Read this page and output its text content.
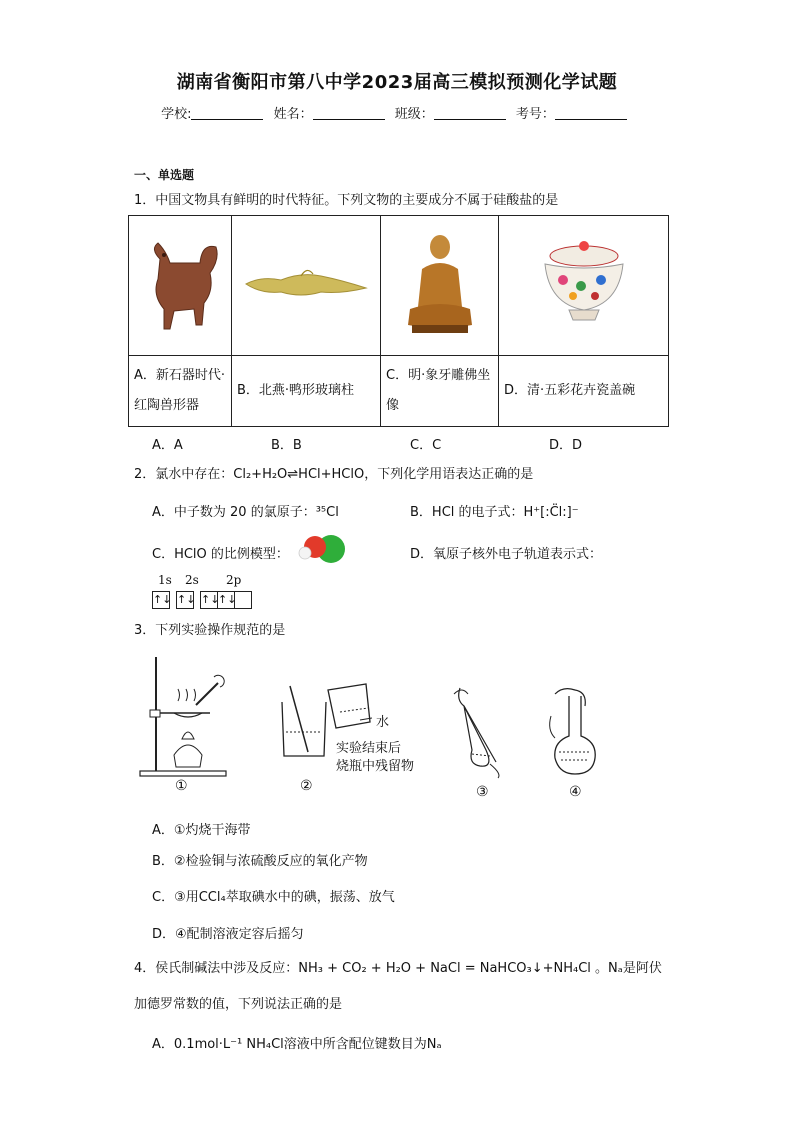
湖南省衡阳市第八中学2023届高三模拟预测化学试题
学校:	姓名：	班级：	考号：
一、单选题
1．中国文物具有鲜明的时代特征。下列文物的主要成分不属于硅酸盐的是

A．新石器时代·红陶兽形器	B．北燕·鸭形玻璃柱	C．明·象牙雕佛坐像	D．清·五彩花卉瓷盖碗
A．A	B．B	C．C	D．D
2．氯水中存在：Cl₂+H₂O⇌HCl+HClO，下列化学用语表达正确的是
A．中子数为 20 的氯原子：³⁵Cl	B．HCl 的电子式：H⁺[:C̈l:]⁻
C．HClO 的比例模型：	D．氧原子核外电子轨道表示式：
1s 2s 2p
↑↓ ↑↓ ↑↓
↑↓
3．下列实验操作规范的是
①
水
实验结束后
烧瓶中残留物
②	③	④
A．①灼烧干海带
B．②检验铜与浓硫酸反应的氧化产物
C．③用CCl₄萃取碘水中的碘，振荡、放气
D．④配制溶液定容后摇匀
4．侯氏制碱法中涉及反应：NH₃ + CO₂ + H₂O + NaCl = NaHCO₃↓+NH₄Cl 。Nₐ是阿伏
加德罗常数的值，下列说法正确的是
A．0.1mol·L⁻¹ NH₄Cl溶液中所含配位键数目为Nₐ
